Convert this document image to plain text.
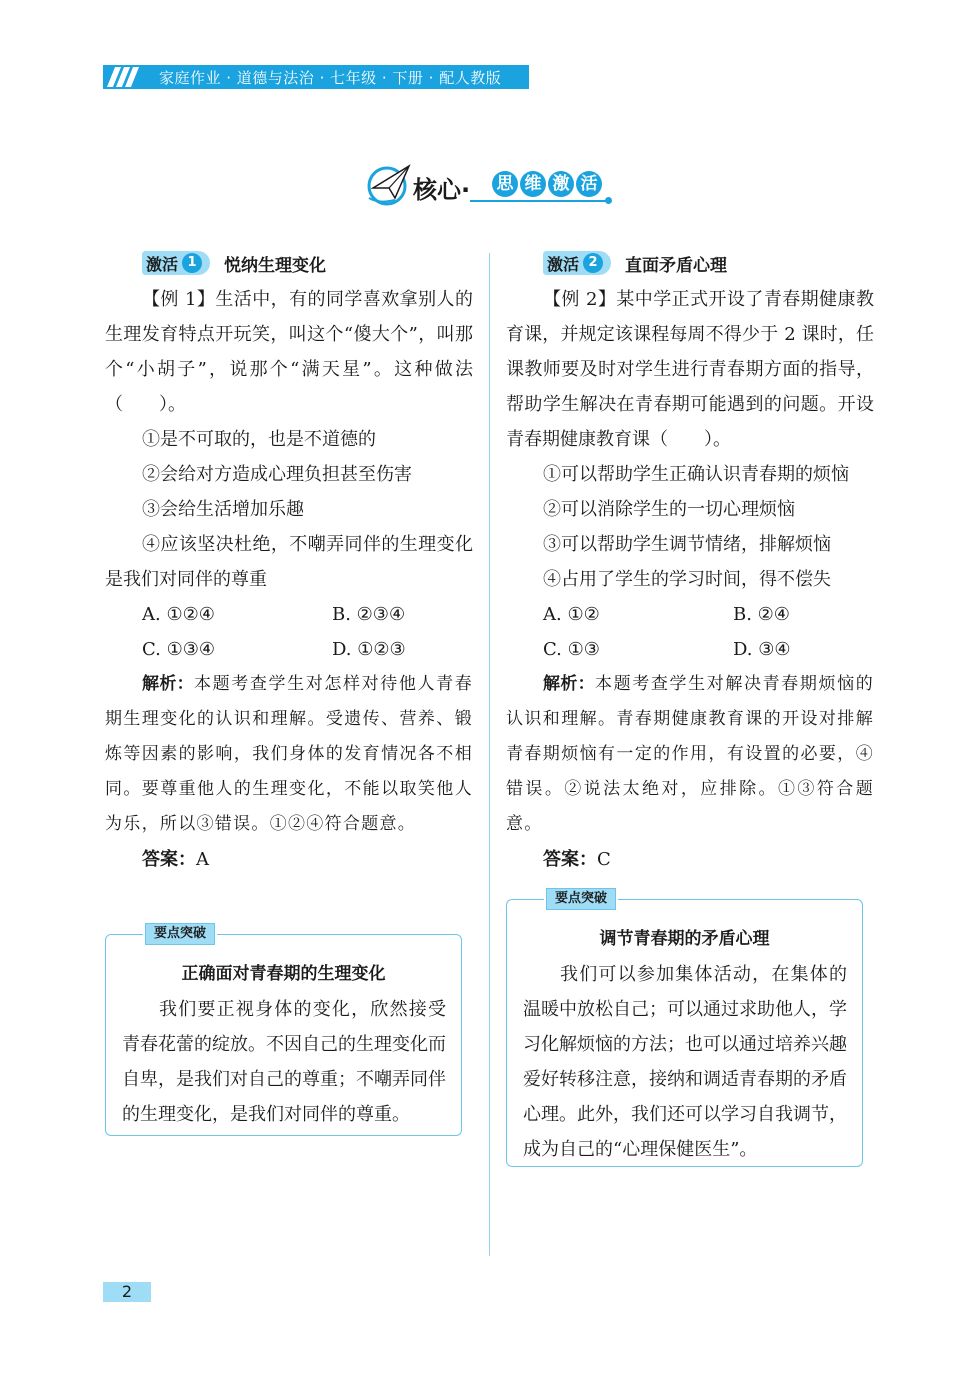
家庭作业 · 道德与法治 · 七年级 · 下册 · 配人教版
核心· 思 维 激 活
激活 1	悦纳生理变化

【例 1】生活中，有的同学喜欢拿别人的生理发育特点开玩笑，叫这个“傻大个”，叫那个“小胡子”，说那个“满天星”。这种做法（　　）。

①是不可取的，也是不道德的

②会给对方造成心理负担甚至伤害

③会给生活增加乐趣

④应该坚决杜绝，不嘲弄同伴的生理变化是我们对同伴的尊重

A. ①②④	B. ②③④
C. ①③④	D. ①②③

解析：本题考查学生对怎样对待他人青春期生理变化的认识和理解。受遗传、营养、锻炼等因素的影响，我们身体的发育情况各不相同。要尊重他人的生理变化，不能以取笑他人为乐，所以③错误。①②④符合题意。

答案：A

要点突破
正确面对青春期的生理变化

我们要正视身体的变化，欣然接受青春花蕾的绽放。不因自己的生理变化而自卑，是我们对自己的尊重；不嘲弄同伴的生理变化，是我们对同伴的尊重。

激活 2	直面矛盾心理

【例 2】某中学正式开设了青春期健康教育课，并规定该课程每周不得少于 2 课时，任课教师要及时对学生进行青春期方面的指导，帮助学生解决在青春期可能遇到的问题。开设青春期健康教育课（　　）。

①可以帮助学生正确认识青春期的烦恼

②可以消除学生的一切心理烦恼

③可以帮助学生调节情绪，排解烦恼

④占用了学生的学习时间，得不偿失

A. ①②	B. ②④
C. ①③	D. ③④

解析：本题考查学生对解决青春期烦恼的认识和理解。青春期健康教育课的开设对排解青春期烦恼有一定的作用，有设置的必要，④错误。②说法太绝对，应排除。①③符合题意。

答案：C

要点突破
调节青春期的矛盾心理

我们可以参加集体活动，在集体的温暖中放松自己；可以通过求助他人，学习化解烦恼的方法；也可以通过培养兴趣爱好转移注意，接纳和调适青春期的矛盾心理。此外，我们还可以学习自我调节，成为自己的“心理保健医生”。

2
